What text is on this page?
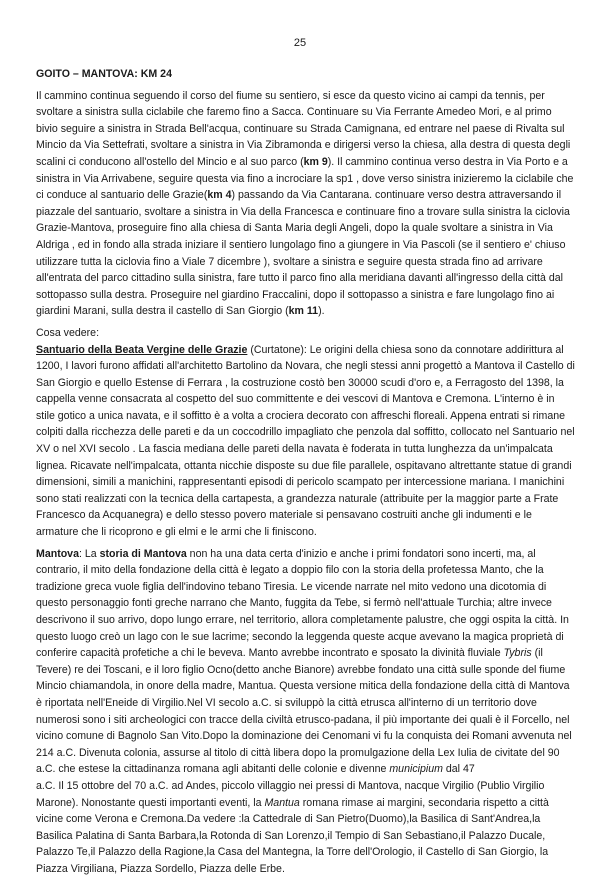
25

GOITO – MANTOVA: KM 24

Il cammino continua seguendo il corso del fiume su sentiero, si esce da questo vicino ai campi da tennis, per svoltare a sinistra sulla ciclabile che faremo fino a Sacca. Continuare su Via Ferrante Amedeo Mori, e al primo bivio seguire a sinistra in Strada Bell'acqua, continuare su Strada Camignana, ed entrare nel paese di Rivalta sul Mincio da Via Settefrati, svoltare a sinistra in Via Zibramonda e dirigersi verso la chiesa, alla destra di questa degli scalini ci conducono all'ostello del Mincio e al suo parco (km 9). Il cammino continua verso destra in Via Porto e a sinistra in Via Arrivabene, seguire questa via fino a incrociare la sp1 , dove verso sinistra inizieremo la ciclabile che ci conduce al santuario delle Grazie(km 4) passando da Via Cantarana. continuare verso destra attraversando il piazzale del santuario, svoltare a sinistra in Via della Francesca e continuare fino a trovare sulla sinistra la ciclovia Grazie-Mantova, proseguire fino alla chiesa di Santa Maria degli Angeli, dopo la quale svoltare a sinistra in Via Aldriga , ed in fondo alla strada iniziare il sentiero lungolago fino a giungere in Via Pascoli (se il sentiero e' chiuso utilizzare tutta la ciclovia fino a Viale 7 dicembre ), svoltare a sinistra e seguire questa strada fino ad arrivare all'entrata del parco cittadino sulla sinistra, fare tutto il parco fino alla meridiana davanti all'ingresso della città dal sottopasso sulla destra. Proseguire nel giardino Fraccalini, dopo il sottopasso a sinistra e fare lungolago fino ai giardini Marani, sulla destra il castello di San Giorgio (km 11).

Cosa vedere:

Santuario della Beata Vergine delle Grazie (Curtatone): Le origini della chiesa sono da connotare addirittura al 1200, I lavori furono affidati all'architetto Bartolino da Novara, che negli stessi anni progettò a Mantova il Castello di San Giorgio e quello Estense di Ferrara , la costruzione costò ben 30000 scudi d'oro e, a Ferragosto del 1398, la cappella venne consacrata al cospetto del suo committente e dei vescovi di Mantova e Cremona. L'interno è in stile gotico a unica navata, e il soffitto è a volta a crociera decorato con affreschi floreali. Appena entrati si rimane colpiti dalla ricchezza delle pareti e da un coccodrillo impagliato che penzola dal soffitto, collocato nel Santuario nel XV o nel XVI secolo . La fascia mediana delle pareti della navata è foderata in tutta lunghezza da un'impalcata lignea. Ricavate nell'impalcata, ottanta nicchie disposte su due file parallele, ospitavano altrettante statue di grandi dimensioni, simili a manichini, rappresentanti episodi di pericolo scampato per intercessione mariana. I manichini sono stati realizzati con la tecnica della cartapesta, a grandezza naturale (attribuite per la maggior parte a Frate Francesco da Acquanegra) e dello stesso povero materiale si pensavano costruiti anche gli indumenti e le armature che li ricoprono e gli elmi e le armi che li finiscono.

Mantova: La storia di Mantova non ha una data certa d'inizio e anche i primi fondatori sono incerti, ma, al contrario, il mito della fondazione della città è legato a doppio filo con la storia della profetessa Manto, che la tradizione greca vuole figlia dell'indovino tebano Tiresia. Le vicende narrate nel mito vedono una dicotomia di questo personaggio fonti greche narrano che Manto, fuggita da Tebe, si fermò nell'attuale Turchia; altre invece descrivono il suo arrivo, dopo lungo errare, nel territorio, allora completamente palustre, che oggi ospita la città. In questo luogo creò un lago con le sue lacrime; secondo la leggenda queste acque avevano la magica proprietà di conferire capacità profetiche a chi le beveva. Manto avrebbe incontrato e sposato la divinità fluviale Tybris (il Tevere) re dei Toscani, e il loro figlio Ocno(detto anche Bianore) avrebbe fondato una città sulle sponde del fiume Mincio chiamandola, in onore della madre, Mantua. Questa versione mitica della fondazione della città di Mantova è riportata nell'Eneide di Virgilio.Nel VI secolo a.C. si sviluppò la città etrusca all'interno di un territorio dove numerosi sono i siti archeologici con tracce della civiltà etrusco-padana, il più importante dei quali è il Forcello, nel vicino comune di Bagnolo San Vito.Dopo la dominazione dei Cenomani vi fu la conquista dei Romani avvenuta nel 214 a.C. Divenuta colonia, assurse al titolo di città libera dopo la promulgazione della Lex Iulia de civitate del 90 a.C. che estese la cittadinanza romana agli abitanti delle colonie e divenne municipium dal 47

a.C. Il 15 ottobre del 70 a.C. ad Andes, piccolo villaggio nei pressi di Mantova, nacque Virgilio (Publio Virgilio Marone). Nonostante questi importanti eventi, la Mantua romana rimase ai margini, secondaria rispetto a città vicine come Verona e Cremona.Da vedere :la Cattedrale di San Pietro(Duomo),la Basilica di Sant'Andrea,la Basilica Palatina di Santa Barbara,la Rotonda di San Lorenzo,il Tempio di San Sebastiano,il Palazzo Ducale, Palazzo Te,il Palazzo della Ragione,la Casa del Mantegna, la Torre dell'Orologio, il Castello di San Giorgio, la Piazza Virgiliana, Piazza Sordello, Piazza delle Erbe.
